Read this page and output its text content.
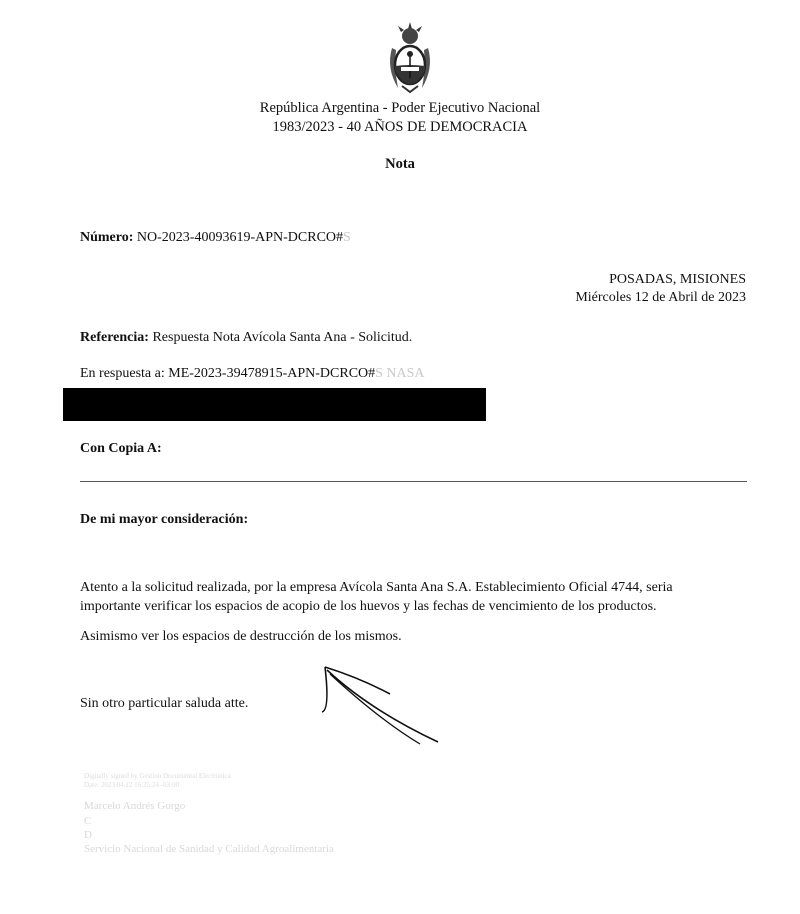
República Argentina - Poder Ejecutivo Nacional
1983/2023 - 40 AÑOS DE DEMOCRACIA
Nota
Número: NO-2023-40093619-APN-DCRCO#S
POSADAS, MISIONES
Miércoles 12 de Abril de 2023
Referencia: Respuesta Nota Avícola Santa Ana - Solicitud.
En respuesta a: ME-2023-39478915-APN-DCRCO#S NASA
Con Copia A:
De mi mayor consideración:
Atento a la solicitud realizada, por la empresa Avícola Santa Ana S.A. Establecimiento Oficial 4744, seria
importante verificar los espacios de acopio de los huevos y las fechas de vencimiento de los productos.
Asimismo ver los espacios de destrucción de los mismos.
Sin otro particular saluda atte.
Digitally signed by Gestion Documental Electronica
Date: 2023.04.12 16:25:24 -03:00
Marcelo Andrés Gorgo
C
D
Servicio Nacional de Sanidad y Calidad Agroalimentaria
